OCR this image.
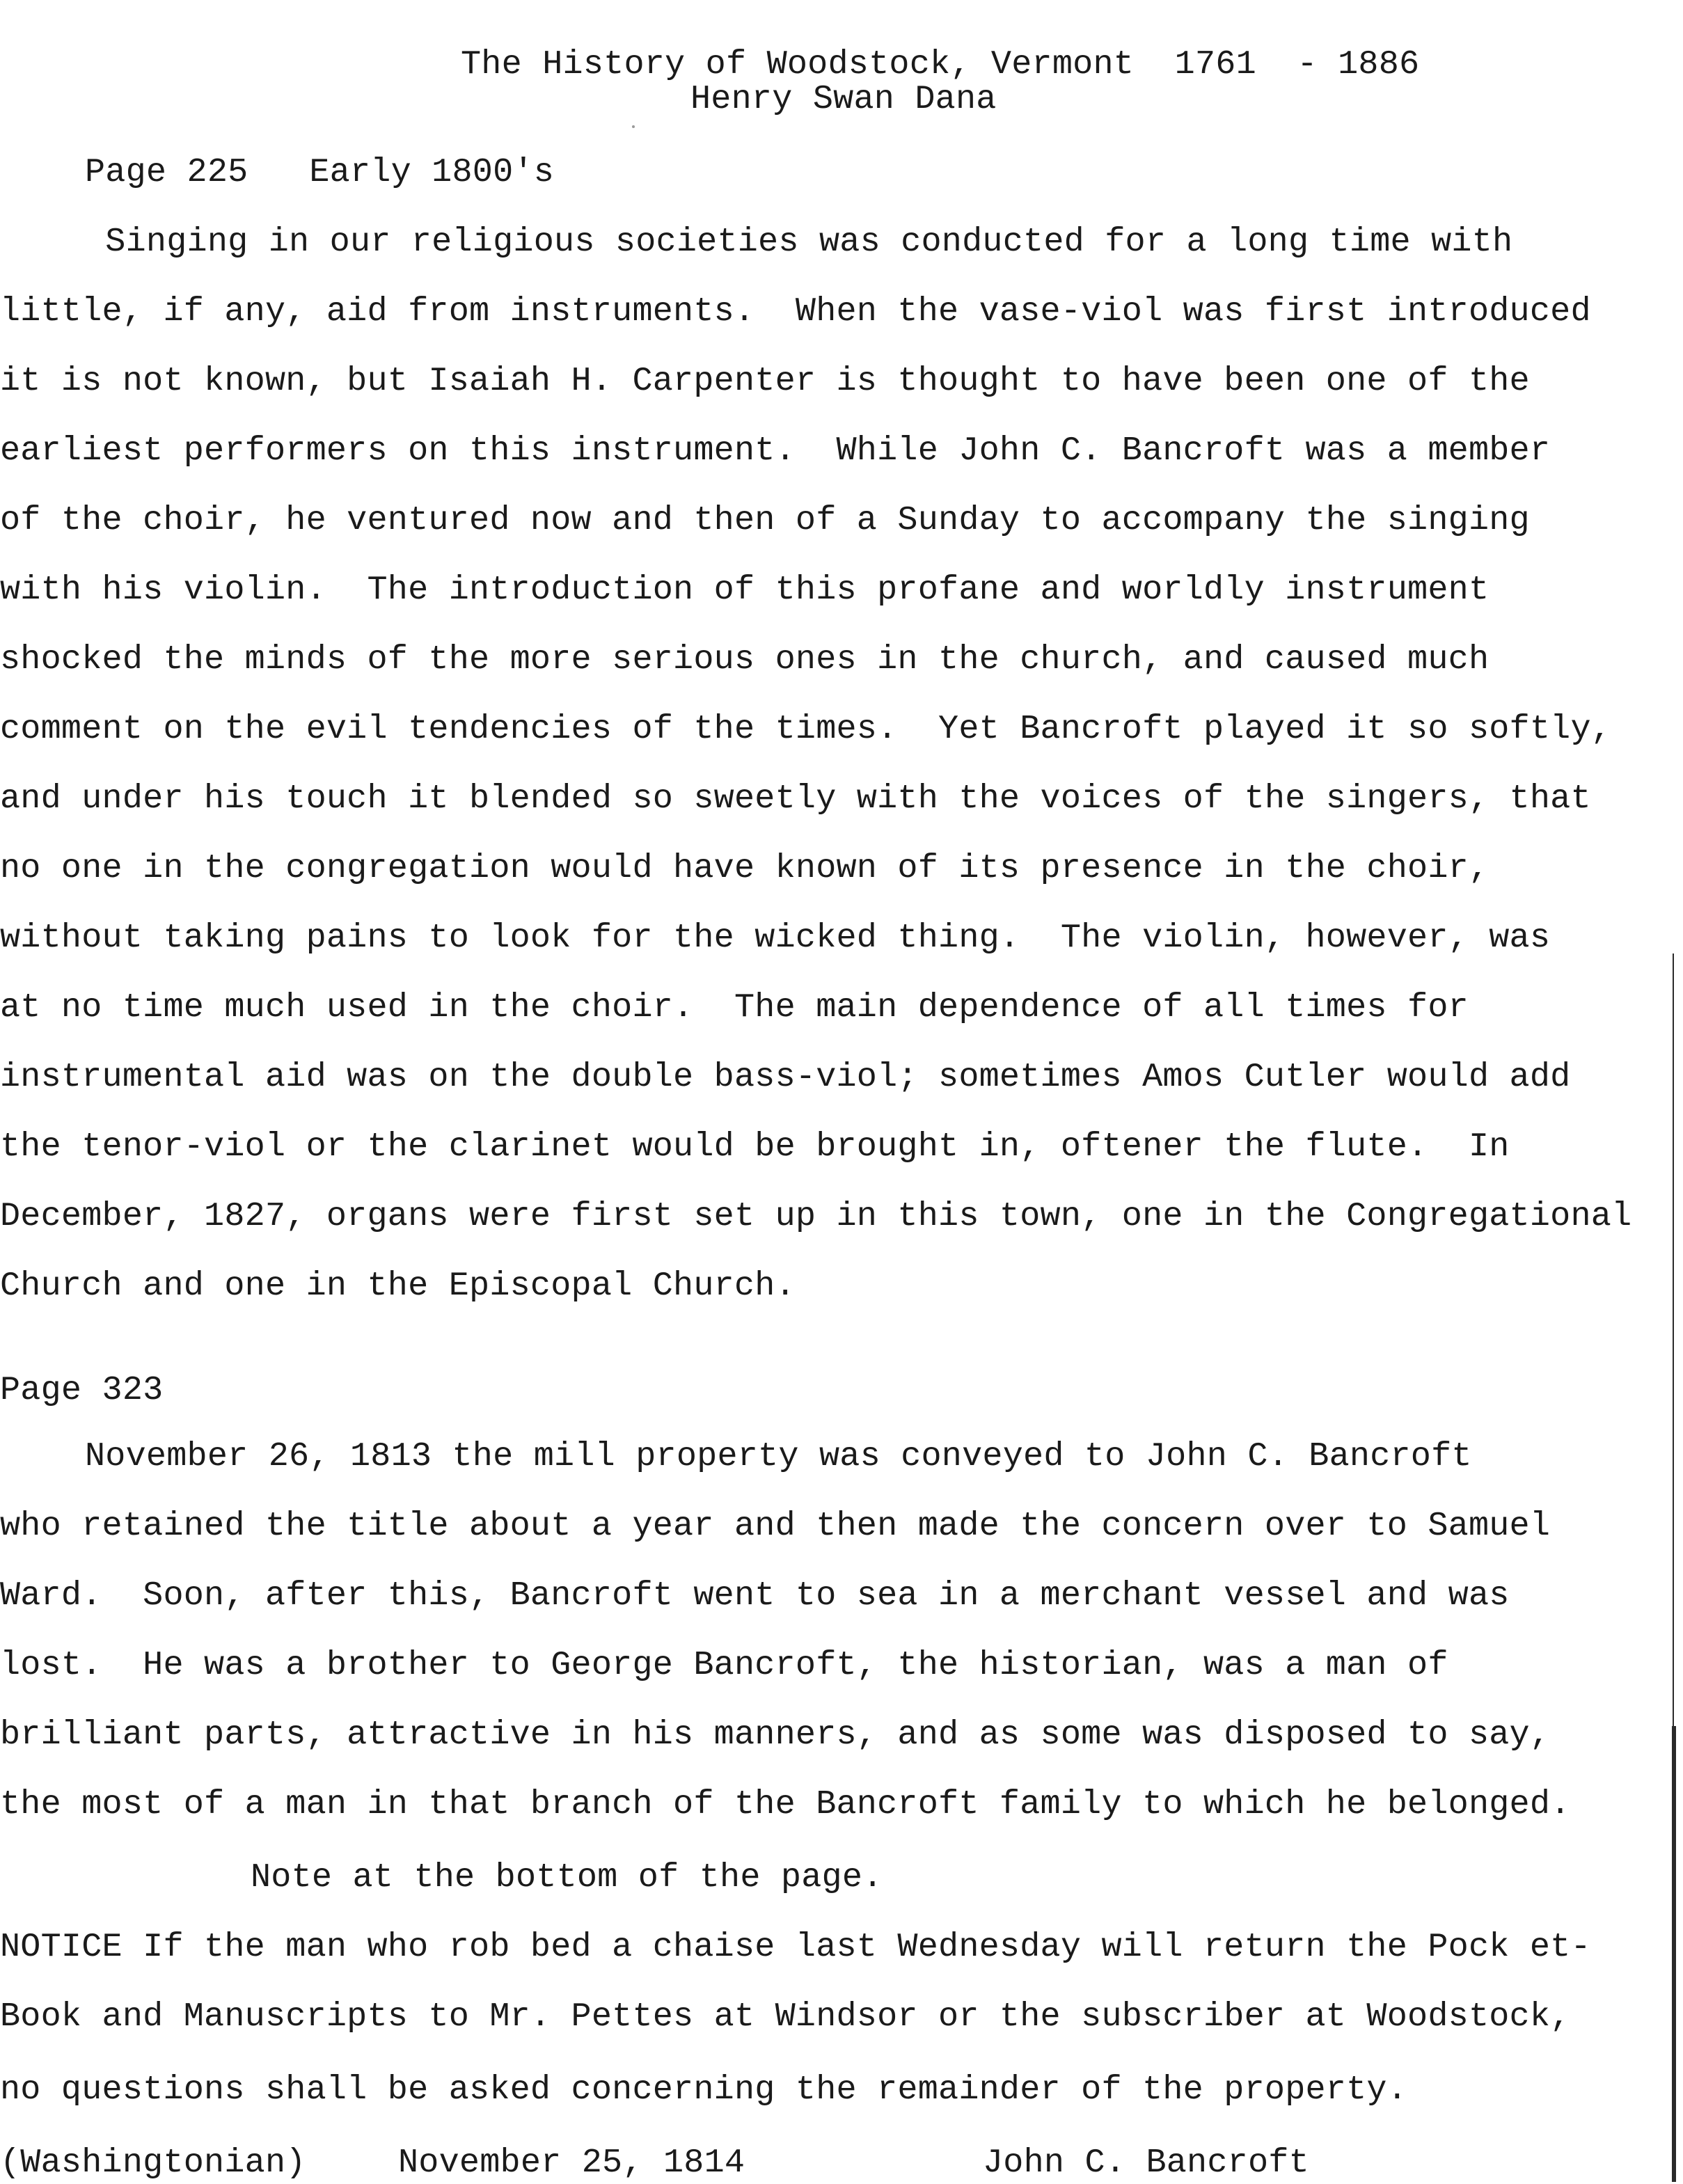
The History of Woodstock, Vermont  1761  - 1886

Henry Swan Dana

Page 225   Early 1800's

Singing in our religious societies was conducted for a long time with

little, if any, aid from instruments.  When the vase-viol was first introduced

it is not known, but Isaiah H. Carpenter is thought to have been one of the

earliest performers on this instrument.  While John C. Bancroft was a member

of the choir, he ventured now and then of a Sunday to accompany the singing

with his violin.  The introduction of this profane and worldly instrument

shocked the minds of the more serious ones in the church, and caused much

comment on the evil tendencies of the times.  Yet Bancroft played it so softly,

and under his touch it blended so sweetly with the voices of the singers, that

no one in the congregation would have known of its presence in the choir,

without taking pains to look for the wicked thing.  The violin, however, was

at no time much used in the choir.  The main dependence of all times for

instrumental aid was on the double bass-viol; sometimes Amos Cutler would add

the tenor-viol or the clarinet would be brought in, oftener the flute.  In

December, 1827, organs were first set up in this town, one in the Congregational

Church and one in the Episcopal Church.

Page 323

November 26, 1813 the mill property was conveyed to John C. Bancroft

who retained the title about a year and then made the concern over to Samuel

Ward.  Soon, after this, Bancroft went to sea in a merchant vessel and was

lost.  He was a brother to George Bancroft, the historian, was a man of

brilliant parts, attractive in his manners, and as some was disposed to say,

the most of a man in that branch of the Bancroft family to which he belonged.

Note at the bottom of the page.

NOTICE If the man who rob bed a chaise last Wednesday will return the Pock et-

Book and Manuscripts to Mr. Pettes at Windsor or the subscriber at Woodstock,

no questions shall be asked concerning the remainder of the property.

(Washingtonian)	November 25, 1814	John C. Bancroft
